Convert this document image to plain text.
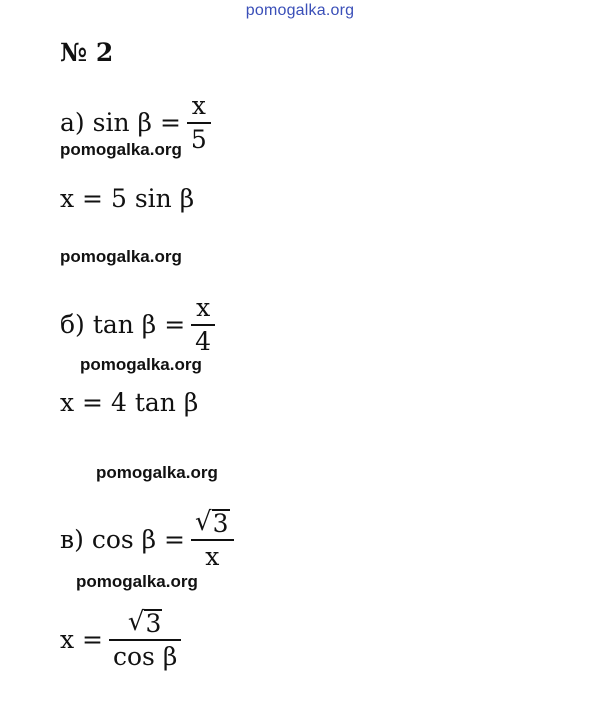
pomogalka.org
№ 2
а) $\sin \beta = \frac{x}{5}$
pomogalka.org
x = 5 sin β
pomogalka.org
б) $\tan \beta = \frac{x}{4}$
pomogalka.org
x = 4 tan β
pomogalka.org
в) $\cos \beta = \frac{√ 3}{x}$
pomogalka.org
$x = \frac{√ 3}{\text{cos β}}$
